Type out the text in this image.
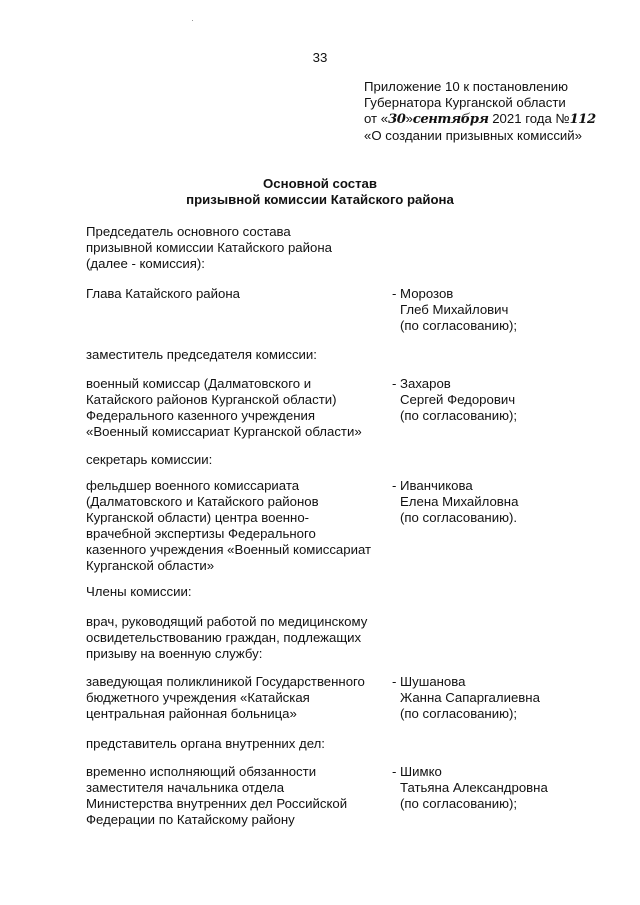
33
Приложение 10 к постановлению
Губернатора Курганской области
от «30»сентября 2021 года №112
«О создании призывных комиссий»
Основной состав
призывной комиссии Катайского района
Председатель основного состава
призывной комиссии Катайского района
(далее - комиссия):
Глава Катайского района	- Морозов
Глеб Михайлович
(по согласованию);
заместитель председателя комиссии:
военный комиссар (Далматовского и
Катайского районов Курганской области)
Федерального казенного учреждения
«Военный комиссариат Курганской области»
- Захаров
Сергей Федорович
(по согласованию);
секретарь комиссии:
фельдшер военного комиссариата
(Далматовского и Катайского районов
Курганской области) центра военно-
врачебной экспертизы Федерального
казенного учреждения «Военный комиссариат
Курганской области»
- Иванчикова
Елена Михайловна
(по согласованию).
Члены комиссии:
врач, руководящий работой по медицинскому
освидетельствованию граждан, подлежащих
призыву на военную службу:
заведующая поликлиникой Государственного
бюджетного учреждения «Катайская
центральная районная больница»
- Шушанова
Жанна Сапаргалиевна
(по согласованию);
представитель органа внутренних дел:
временно исполняющий обязанности
заместителя начальника отдела
Министерства внутренних дел Российской
Федерации по Катайскому району
- Шимко
Татьяна Александровна
(по согласованию);
